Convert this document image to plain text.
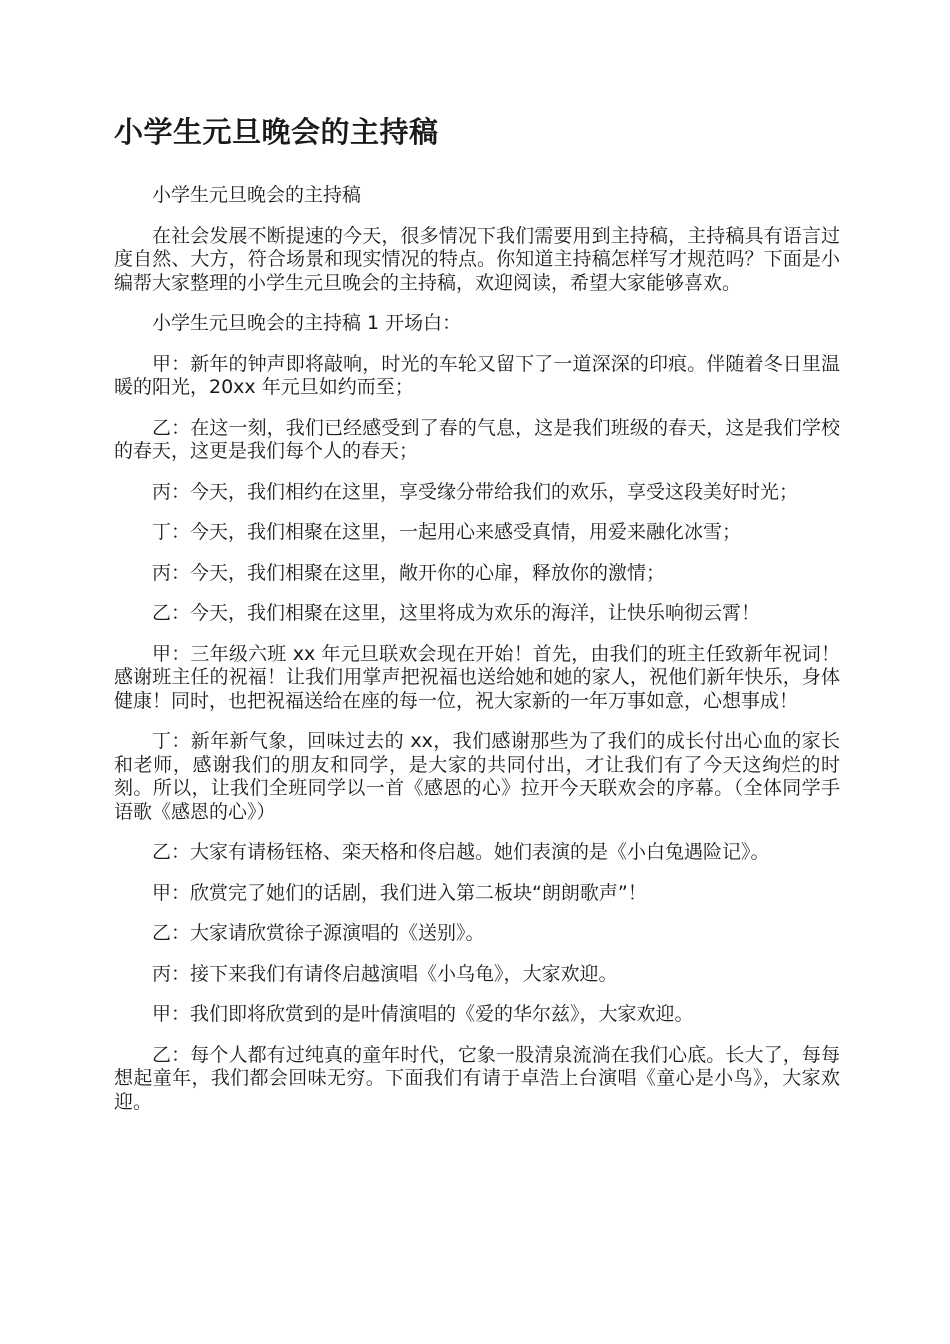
小学生元旦晚会的主持稿

小学生元旦晚会的主持稿

在社会发展不断提速的今天，很多情况下我们需要用到主持稿，主持稿具有语言过度自然、大方，符合场景和现实情况的特点。你知道主持稿怎样写才规范吗？下面是小编帮大家整理的小学生元旦晚会的主持稿，欢迎阅读，希望大家能够喜欢。

小学生元旦晚会的主持稿 1 开场白：

甲：新年的钟声即将敲响，时光的车轮又留下了一道深深的印痕。伴随着冬日里温暖的阳光，20xx 年元旦如约而至；

乙：在这一刻，我们已经感受到了春的气息，这是我们班级的春天，这是我们学校的春天，这更是我们每个人的春天；

丙：今天，我们相约在这里，享受缘分带给我们的欢乐，享受这段美好时光；

丁：今天，我们相聚在这里，一起用心来感受真情，用爱来融化冰雪；

丙：今天，我们相聚在这里，敞开你的心扉，释放你的激情；

乙：今天，我们相聚在这里，这里将成为欢乐的海洋，让快乐响彻云霄！

甲：三年级六班 xx 年元旦联欢会现在开始！首先，由我们的班主任致新年祝词！感谢班主任的祝福！让我们用掌声把祝福也送给她和她的家人，祝他们新年快乐，身体健康！同时，也把祝福送给在座的每一位，祝大家新的一年万事如意，心想事成！

丁：新年新气象，回味过去的 xx，我们感谢那些为了我们的成长付出心血的家长和老师，感谢我们的朋友和同学，是大家的共同付出，才让我们有了今天这绚烂的时刻。所以，让我们全班同学以一首《感恩的心》拉开今天联欢会的序幕。（全体同学手语歌《感恩的心》）

乙：大家有请杨钰格、栾天格和佟启越。她们表演的是《小白兔遇险记》。

甲：欣赏完了她们的话剧，我们进入第二板块“朗朗歌声”！

乙：大家请欣赏徐子源演唱的《送别》。

丙：接下来我们有请佟启越演唱《小乌龟》，大家欢迎。

甲：我们即将欣赏到的是叶倩演唱的《爱的华尔兹》，大家欢迎。

乙：每个人都有过纯真的童年时代，它象一股清泉流淌在我们心底。长大了，每每想起童年，我们都会回味无穷。下面我们有请于卓浩上台演唱《童心是小鸟》，大家欢迎。
